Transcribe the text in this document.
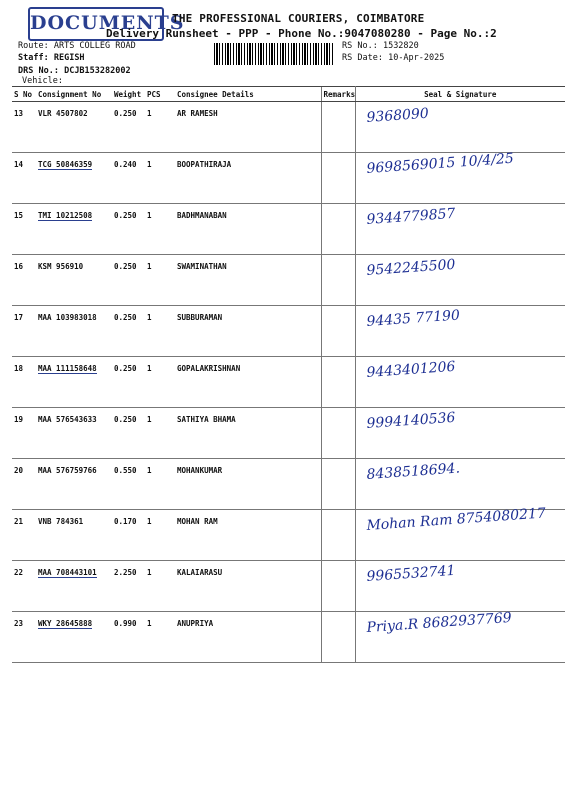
DOCUMENTS
THE PROFESSIONAL COURIERS, COIMBATORE
Delivery Runsheet - PPP - Phone No.:9047080280 - Page No.:2
Route: ARTS COLLEG ROAD
Staff: REGISH
DRS No.: DCJB153282002
Vehicle:
RS No.: 1532820
RS Date: 10-Apr-2025
S No	Consignment No	Weight	PCS	Consignee Details	Remarks	Seal & Signature
13	VLR 4507802	0.250	1	AR RAMESH		9368090

14	TCG 50846359	0.240	1	BOOPATHIRAJA		9698569015 10/4/25

15	TMI 10212508	0.250	1	BADHMANABAN		9344779857

16	KSM 956910	0.250	1	SWAMINATHAN		9542245500

17	MAA 103983018	0.250	1	SUBBURAMAN		94435 77190

18	MAA 111158648	0.250	1	GOPALAKRISHNAN		9443401206

19	MAA 576543633	0.250	1	SATHIYA BHAMA		9994140536

20	MAA 576759766	0.550	1	MOHANKUMAR		8438518694.

21	VNB 784361	0.170	1	MOHAN RAM		Mohan Ram 8754080217

22	MAA 708443101	2.250	1	KALAIARASU		9965532741

23	WKY 28645888	0.990	1	ANUPRIYA		Priya.R 8682937769
